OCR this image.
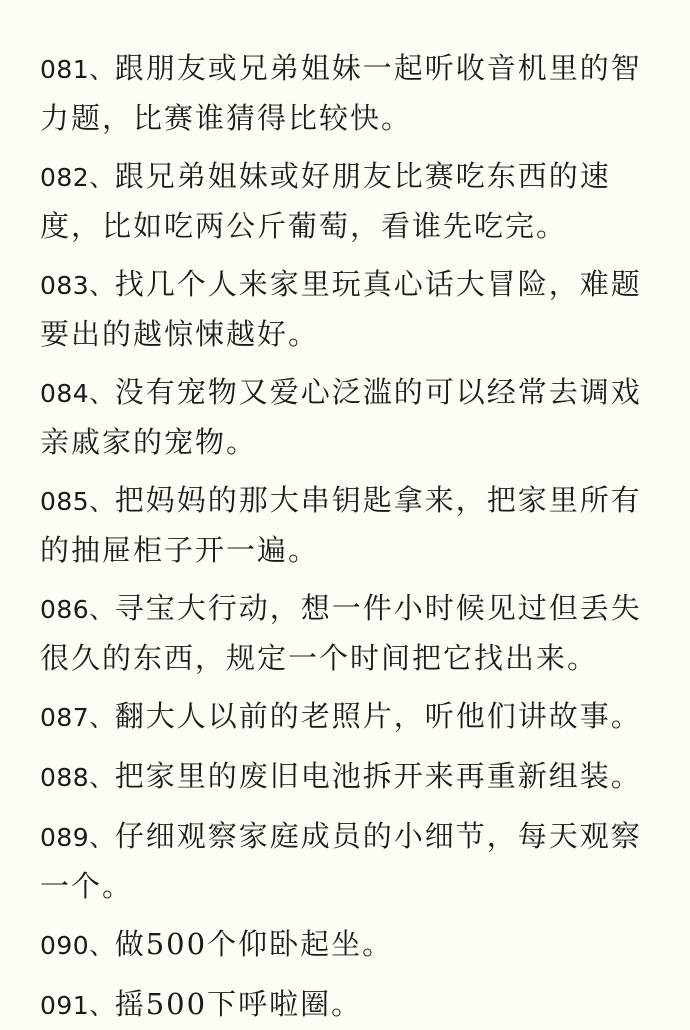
081、跟朋友或兄弟姐妹一起听收音机里的智力题，比赛谁猜得比较快。

082、跟兄弟姐妹或好朋友比赛吃东西的速度，比如吃两公斤葡萄，看谁先吃完。

083、找几个人来家里玩真心话大冒险，难题要出的越惊悚越好。

084、没有宠物又爱心泛滥的可以经常去调戏亲戚家的宠物。

085、把妈妈的那大串钥匙拿来，把家里所有的抽屉柜子开一遍。

086、寻宝大行动，想一件小时候见过但丢失很久的东西，规定一个时间把它找出来。

087、翻大人以前的老照片，听他们讲故事。

088、把家里的废旧电池拆开来再重新组装。

089、仔细观察家庭成员的小细节，每天观察一个。

090、做500个仰卧起坐。

091、摇500下呼啦圈。
